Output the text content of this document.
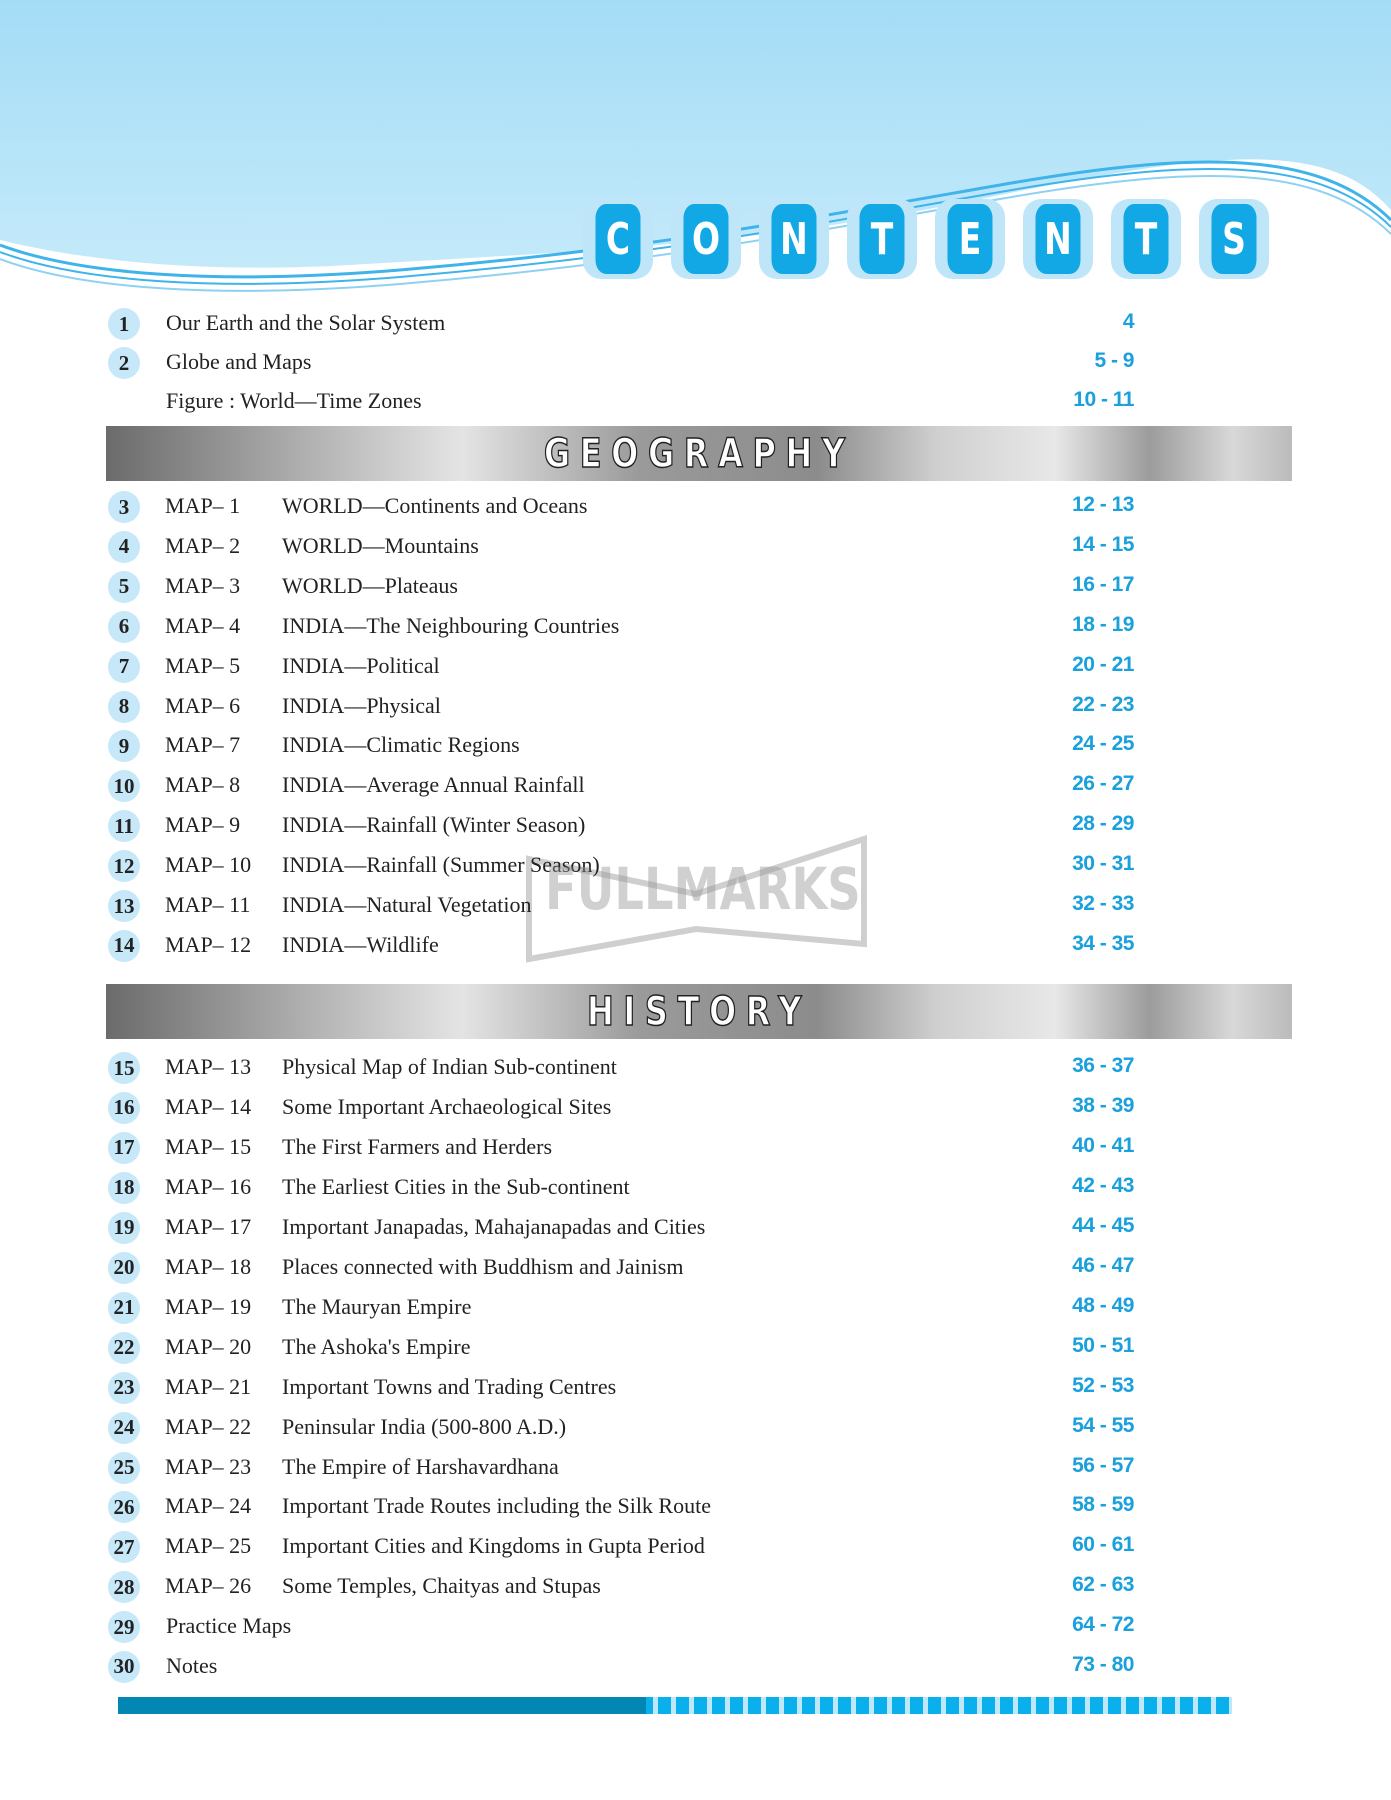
C O N T E N T S
1	Our Earth and the Solar System	4
2	Globe and Maps	5 - 9
Figure : World—Time Zones	10 - 11
GEOGRAPHY
3	MAP– 1 WORLD—Continents and Oceans	12 - 13
4	MAP– 2 WORLD—Mountains	14 - 15
5	MAP– 3 WORLD—Plateaus	16 - 17
6	MAP– 4 INDIA—The Neighbouring Countries	18 - 19
7	MAP– 5 INDIA—Political	20 - 21
8	MAP– 6 INDIA—Physical	22 - 23
9	MAP– 7 INDIA—Climatic Regions	24 - 25
10 MAP– 8 INDIA—Average Annual Rainfall	26 - 27
11 MAP– 9 INDIA—Rainfall (Winter Season)	28 - 29
12 MAP– 10 INDIA—Rainfall (Summer Season)	30 - 31
13 MAP– 11 INDIA—Natural Vegetation	32 - 33
14 MAP– 12 INDIA—Wildlife	34 - 35
HISTORY
15 MAP– 13 Physical Map of Indian Sub-continent	36 - 37
16 MAP– 14 Some Important Archaeological Sites	38 - 39
17 MAP– 15 The First Farmers and Herders	40 - 41
18 MAP– 16 The Earliest Cities in the Sub-continent	42 - 43
19 MAP– 17 Important Janapadas, Mahajanapadas and Cities	44 - 45
20 MAP– 18 Places connected with Buddhism and Jainism	46 - 47
21 MAP– 19 The Mauryan Empire	48 - 49
22 MAP– 20 The Ashoka's Empire	50 - 51
23 MAP– 21 Important Towns and Trading Centres	52 - 53
24 MAP– 22 Peninsular India (500-800 A.D.)	54 - 55
25 MAP– 23 The Empire of Harshavardhana	56 - 57
26 MAP– 24 Important Trade Routes including the Silk Route	58 - 59
27 MAP– 25 Important Cities and Kingdoms in Gupta Period	60 - 61
28 MAP– 26 Some Temples, Chaityas and Stupas	62 - 63
29 Practice Maps	64 - 72
30 Notes	73 - 80
FULLMARKS
